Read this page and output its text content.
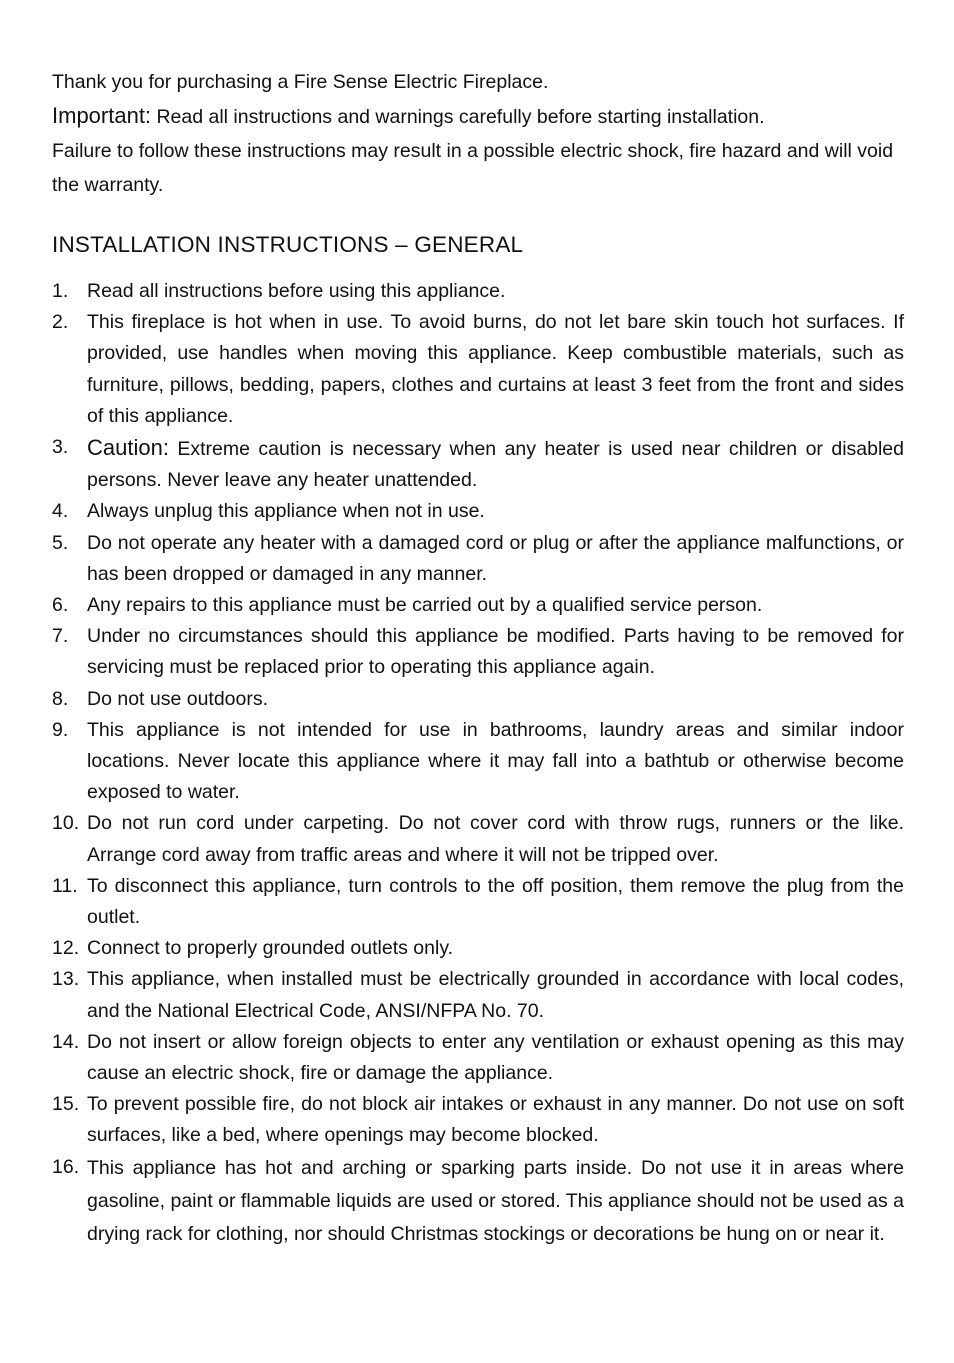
Thank you for purchasing a Fire Sense Electric Fireplace.

Important: Read all instructions and warnings carefully before starting installation.

Failure to follow these instructions may result in a possible electric shock, fire hazard and will void the warranty.

INSTALLATION INSTRUCTIONS – GENERAL
1. Read all instructions before using this appliance.
2. This fireplace is hot when in use. To avoid burns, do not let bare skin touch hot surfaces. If provided, use handles when moving this appliance. Keep combustible materials, such as furniture, pillows, bedding, papers, clothes and curtains at least 3 feet from the front and sides of this appliance.
3. Caution: Extreme caution is necessary when any heater is used near children or disabled persons. Never leave any heater unattended.
4. Always unplug this appliance when not in use.
5. Do not operate any heater with a damaged cord or plug or after the appliance malfunctions, or has been dropped or damaged in any manner.
6. Any repairs to this appliance must be carried out by a qualified service person.
7. Under no circumstances should this appliance be modified. Parts having to be removed for servicing must be replaced prior to operating this appliance again.
8. Do not use outdoors.
9. This appliance is not intended for use in bathrooms, laundry areas and similar indoor locations. Never locate this appliance where it may fall into a bathtub or otherwise become exposed to water.
10. Do not run cord under carpeting. Do not cover cord with throw rugs, runners or the like. Arrange cord away from traffic areas and where it will not be tripped over.
11. To disconnect this appliance, turn controls to the off position, them remove the plug from the outlet.
12. Connect to properly grounded outlets only.
13. This appliance, when installed must be electrically grounded in accordance with local codes, and the National Electrical Code, ANSI/NFPA No. 70.
14. Do not insert or allow foreign objects to enter any ventilation or exhaust opening as this may cause an electric shock, fire or damage the appliance.
15. To prevent possible fire, do not block air intakes or exhaust in any manner. Do not use on soft surfaces, like a bed, where openings may become blocked.
16. This appliance has hot and arching or sparking parts inside. Do not use it in areas where gasoline, paint or flammable liquids are used or stored. This appliance should not be used as a drying rack for clothing, nor should Christmas stockings or decorations be hung on or near it.
